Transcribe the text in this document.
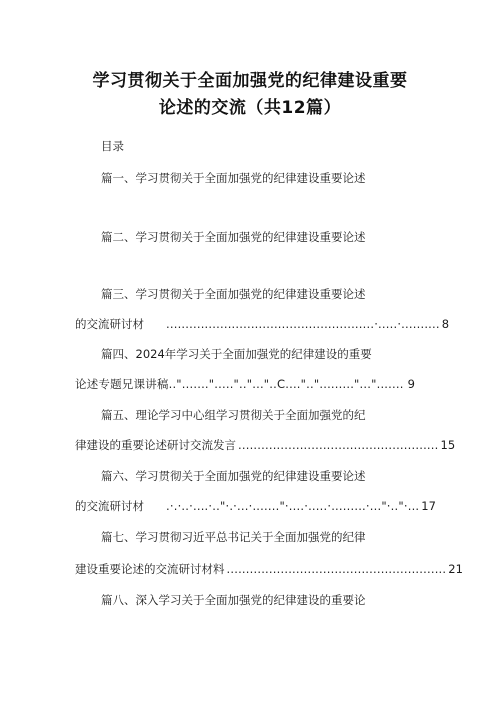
学习贯彻关于全面加强党的纪律建设重要
论述的交流（共12篇）
目录
篇一、学习贯彻关于全面加强党的纪律建设重要论述
篇二、学习贯彻关于全面加强党的纪律建设重要论述
篇三、学习贯彻关于全面加强党的纪律建设重要论述
的交流研讨材	......................................................·.....·.......... 8
篇四、2024年学习关于全面加强党的纪律建设的重要
论述专题兄课讲稿..".......".....".."..."..C....".."........."..."....... 9
篇五、理论学习中心组学习贯彻关于全面加强党的纪
律建设的重要论述研讨交流发言 .................................................... 15
篇六、学习贯彻关于全面加强党的纪律建设重要论述
的交流研讨材	.·.·..·....·.."·.·...·......."·....·.....·.........·..."·.."·... 17
篇七、学习贯彻习近平总书记关于全面加强党的纪律
建设重要论述的交流研讨材料 ......................................................... 21
篇八、深入学习关于全面加强党的纪律建设的重要论
